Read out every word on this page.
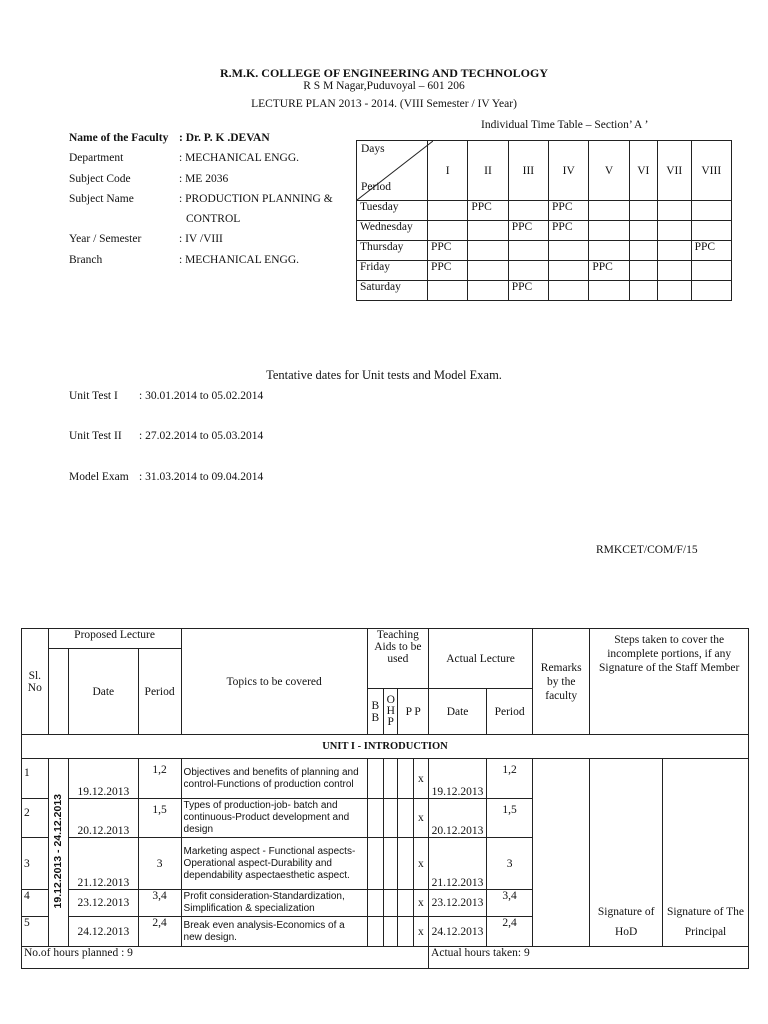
R.M.K. COLLEGE OF ENGINEERING AND TECHNOLOGY
R S M Nagar,Puduvoyal – 601 206
LECTURE PLAN 2013 - 2014. (VIII Semester / IV Year)
Individual Time Table – Section’ A ’
Name of the Faculty : Dr. P. K .DEVAN
Department	: MECHANICAL ENGG.
Subject Code	: ME 2036
Subject Name	: PRODUCTION PLANNING &
CONTROL
Year / Semester	: IV /VIII
Branch	: MECHANICAL ENGG.
Days
Period	I	II	III	IV	V	VI	VII	VIII
Tuesday		PPC		PPC				
Wednesday			PPC	PPC				
Thursday	PPC							PPC
Friday	PPC				PPC			
Saturday			PPC					
Tentative dates for Unit tests and Model Exam.
Unit Test I : 30.01.2014 to 05.02.2014
Unit Test II : 27.02.2014 to 05.03.2014
Model Exam : 31.03.2014 to 09.04.2014
RMKCET/COM/F/15
Sl. No	Proposed Lecture			Topics to be covered	Teaching Aids to be used				Actual Lecture		Remarks by the faculty	Steps taken to cover the incomplete portions, if any Signature of the Staff Member	
		Date	Period										
					B B	O H P	P P		Date	Period			
UNIT I - INTRODUCTION													
1	19.12.2013 - 24.12.2013	19.12.2013	1,2	Objectives and benefits of planning and control-Functions of production control				x	19.12.2013	1,2		Signature of HoD	Signature of The Principal
2		20.12.2013	1,5	Types of production-job- batch and continuous-Product development and design				x	20.12.2013	1,5			
3		21.12.2013	3	Marketing aspect - Functional aspects-Operational aspect-Durability and dependability aspectaesthetic aspect.				x	21.12.2013	3			
4		23.12.2013	3,4	Profit consideration-Standardization, Simplification & specialization				x	23.12.2013	3,4			
5		24.12.2013	2,4	Break even analysis-Economics of a new design.				x	24.12.2013	2,4			
No.of hours planned : 9									Actual hours taken: 9				
